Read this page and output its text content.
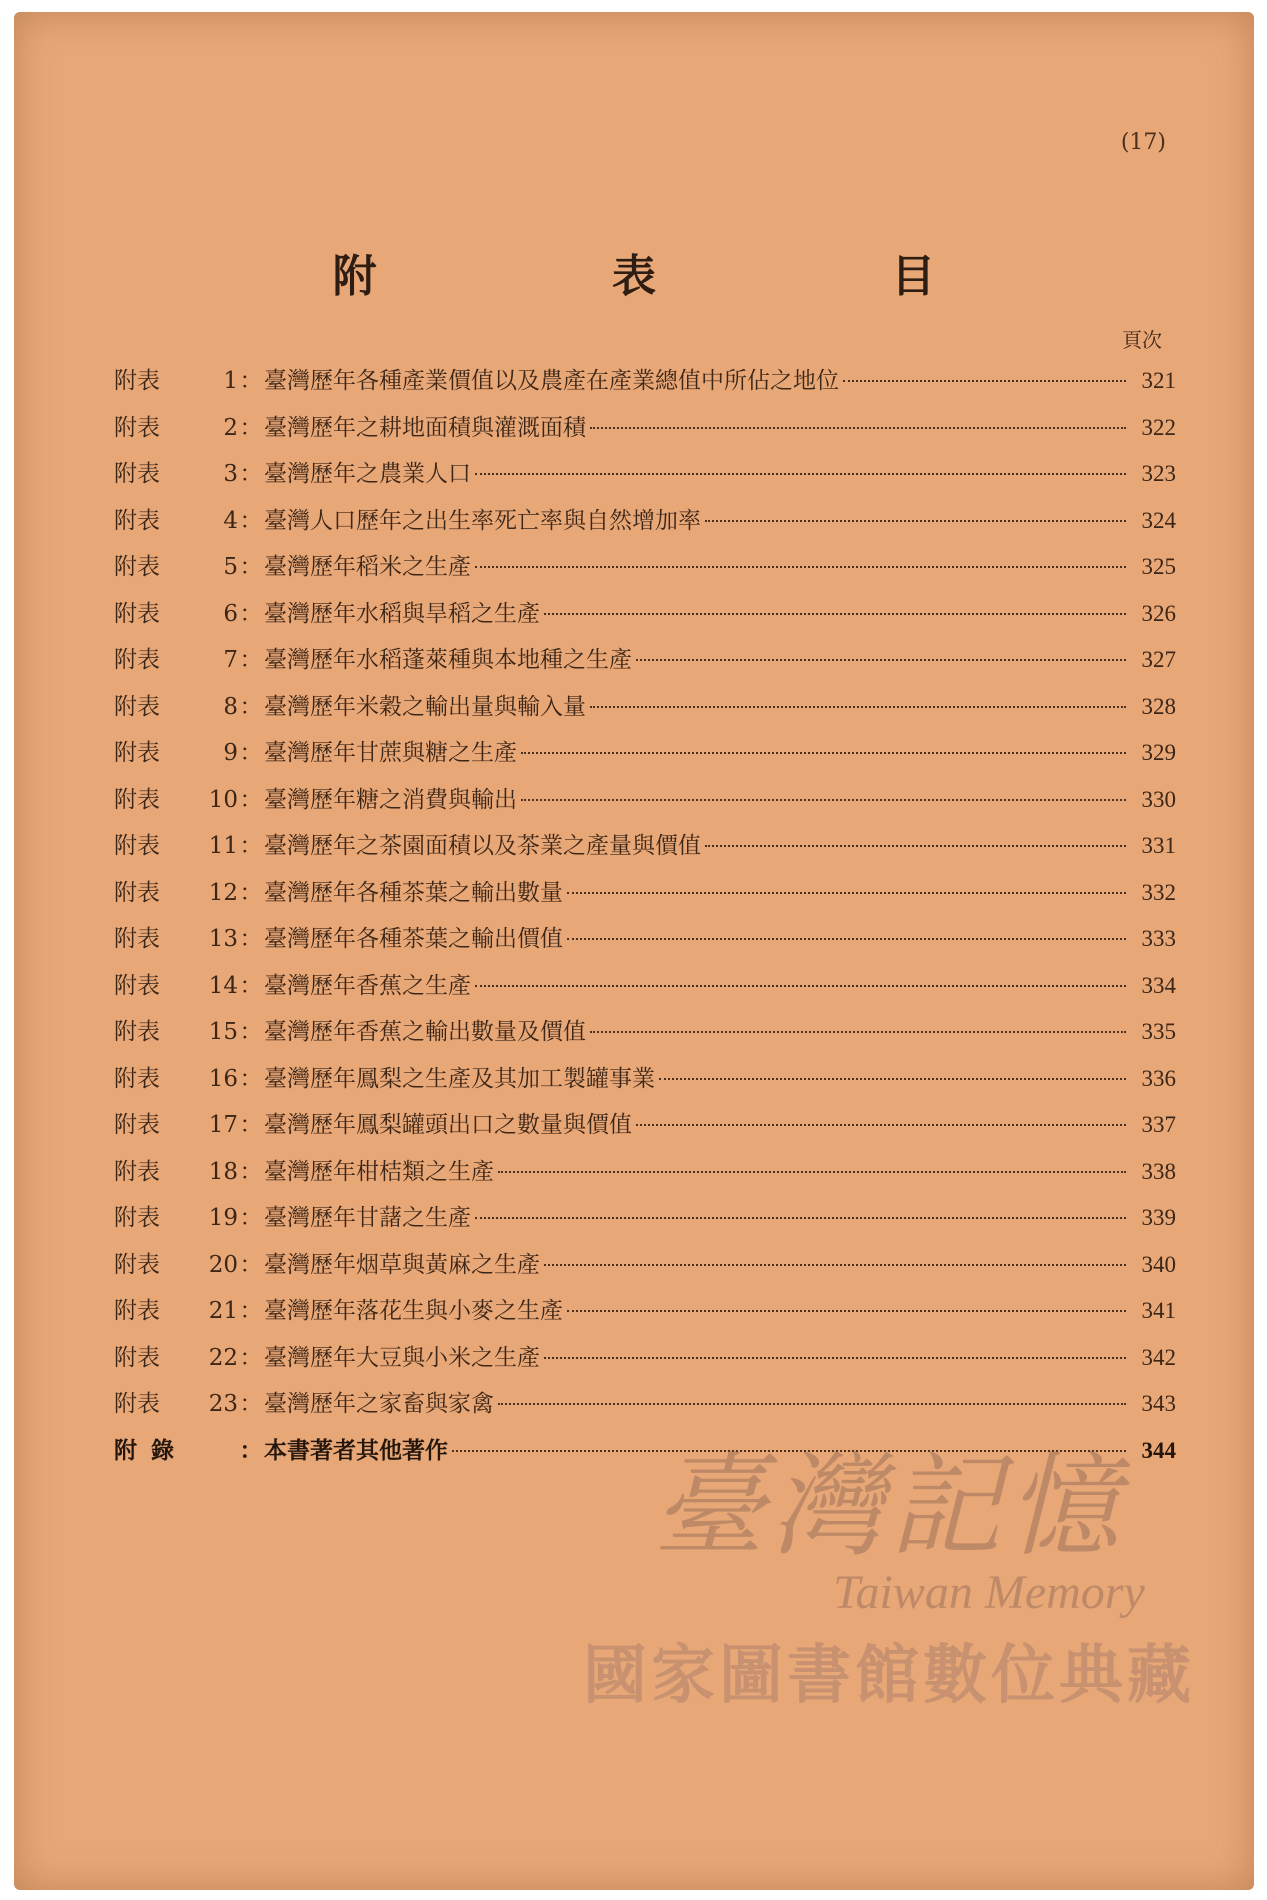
(17)
附 表 目
頁次
附表	1 ： 臺灣歷年各種產業價值以及農產在產業總值中所佔之地位	321
附表	2 ： 臺灣歷年之耕地面積與灌溉面積	322
附表	3 ： 臺灣歷年之農業人口	323
附表	4 ： 臺灣人口歷年之出生率死亡率與自然增加率	324
附表	5 ： 臺灣歷年稻米之生產	325
附表	6 ： 臺灣歷年水稻與旱稻之生產	326
附表	7 ： 臺灣歷年水稻蓬萊種與本地種之生產	327
附表	8 ： 臺灣歷年米穀之輸出量與輸入量	328
附表	9 ： 臺灣歷年甘蔗與糖之生產	329
附表	10 ： 臺灣歷年糖之消費與輸出	330
附表	11 ： 臺灣歷年之茶園面積以及茶業之產量與價值	331
附表	12 ： 臺灣歷年各種茶葉之輸出數量	332
附表	13 ： 臺灣歷年各種茶葉之輸出價值	333
附表	14 ： 臺灣歷年香蕉之生產	334
附表	15 ： 臺灣歷年香蕉之輸出數量及價值	335
附表	16 ： 臺灣歷年鳳梨之生產及其加工製罐事業	336
附表	17 ： 臺灣歷年鳳梨罐頭出口之數量與價值	337
附表	18 ： 臺灣歷年柑桔類之生產	338
附表	19 ： 臺灣歷年甘藷之生產	339
附表	20 ： 臺灣歷年烟草與黃麻之生產	340
附表	21 ： 臺灣歷年落花生與小麥之生產	341
附表	22 ： 臺灣歷年大豆與小米之生產	342
附表	23 ： 臺灣歷年之家畜與家禽	343
附錄 ： 本書著者其他著作	344
臺灣記憶
Taiwan Memory
國家圖書館數位典藏
